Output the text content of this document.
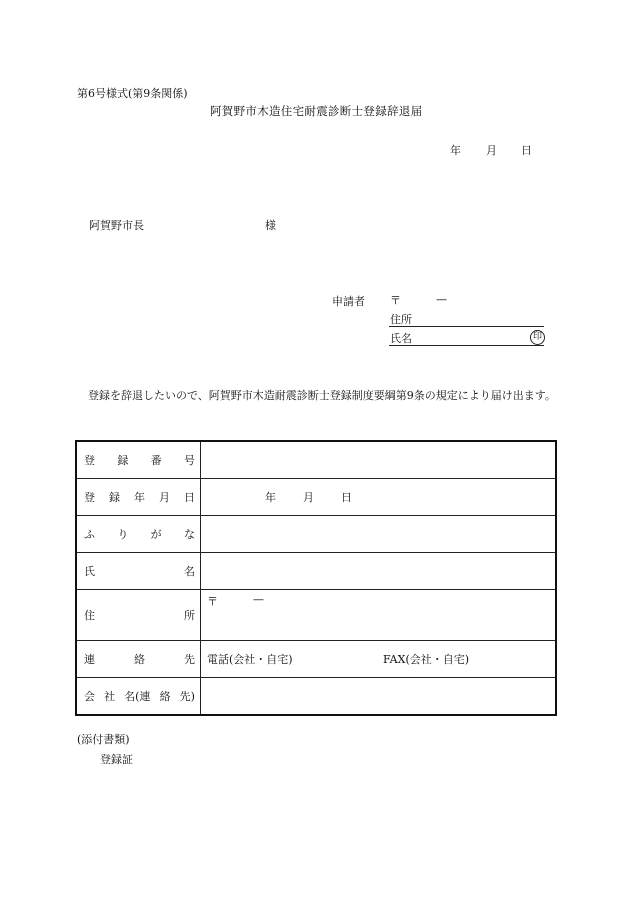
第6号様式(第9条関係)
阿賀野市木造住宅耐震診断士登録辞退届
年 月 日
阿賀野市長	様
申請者 〒	—
住所
氏名	印
登録を辞退したいので、阿賀野市木造耐震診断士登録制度要綱第9条の規定により届け出ます。
登 録 番 号	

登 録 年 月 日	年 月 日

ふ り が な	

氏 名	

住 所	〒 —

連 絡 先	電話(会社・自宅) FAX(会社・自宅)

会 社 名(連 絡 先)	

(添付書類)
登録証
